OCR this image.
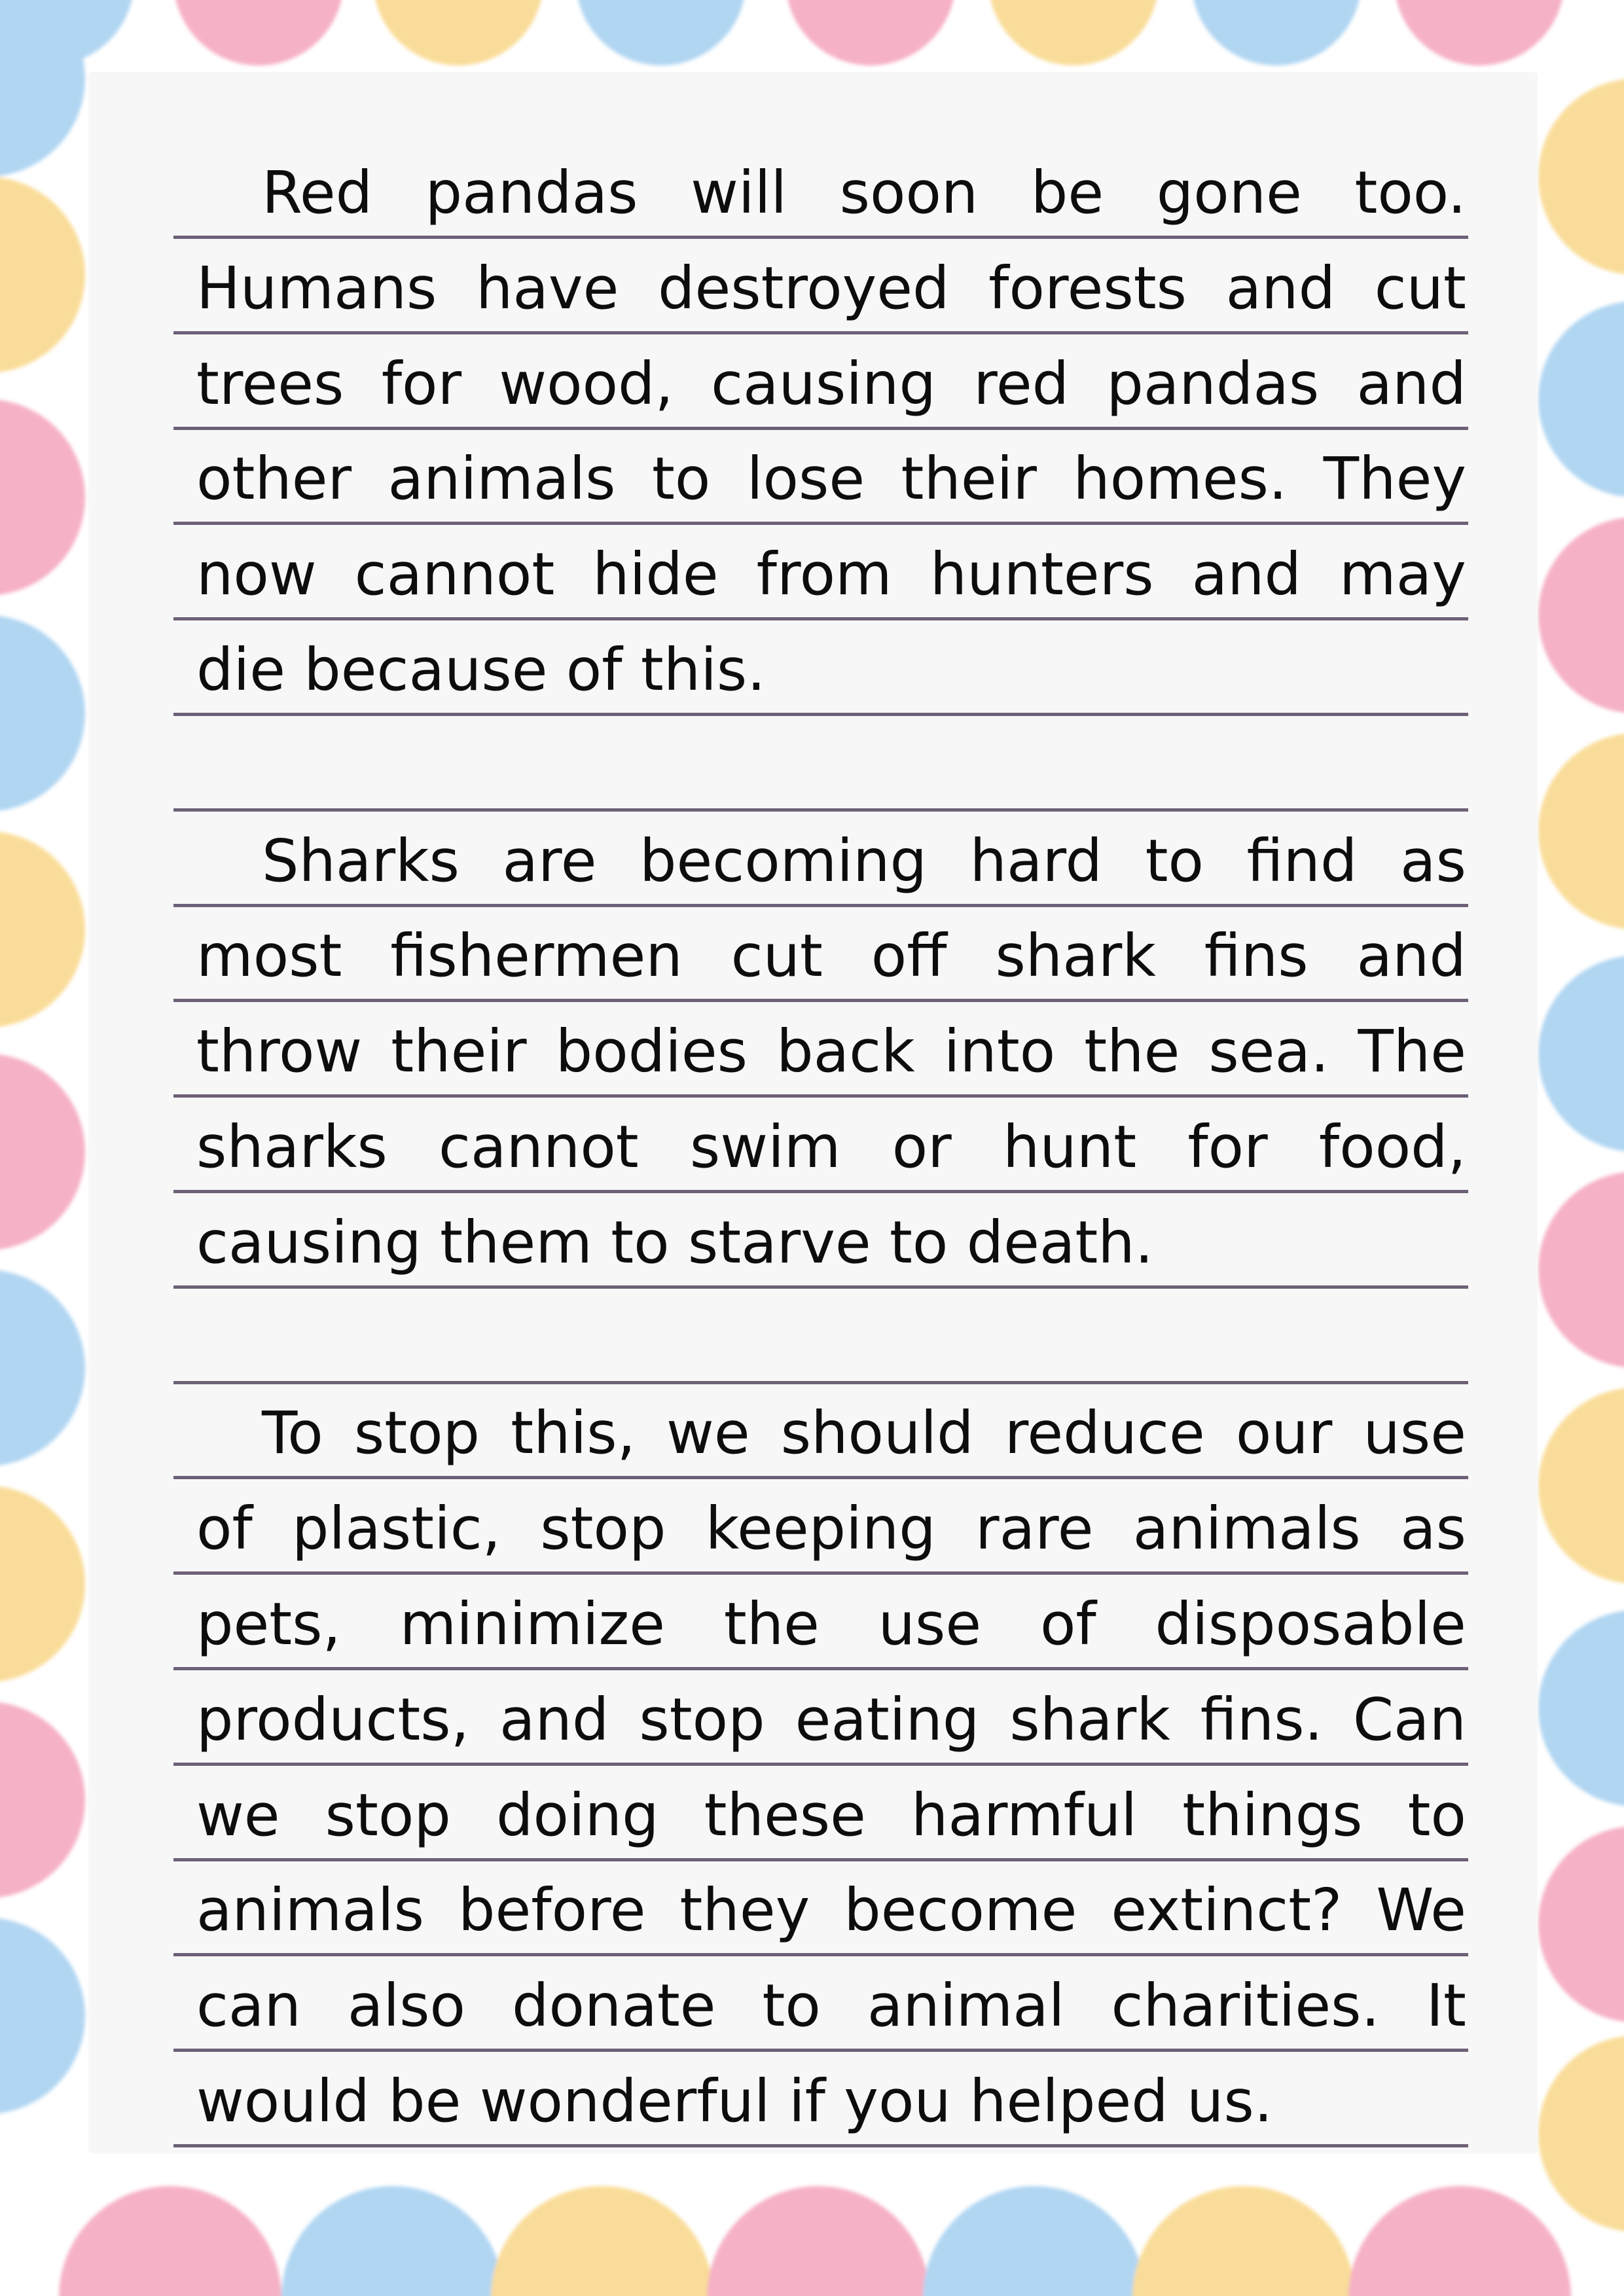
Red pandas will soon be gone too.
Humans have destroyed forests and cut
trees for wood, causing red pandas and
other animals to lose their homes. They
now cannot hide from hunters and may
die because of this.
Sharks are becoming hard to find as
most fishermen cut off shark fins and
throw their bodies back into the sea. The
sharks cannot swim or hunt for food,
causing them to starve to death.
To stop this, we should reduce our use
of plastic, stop keeping rare animals as
pets, minimize the use of disposable
products, and stop eating shark fins. Can
we stop doing these harmful things to
animals before they become extinct? We
can also donate to animal charities. It
would be wonderful if you helped us.
